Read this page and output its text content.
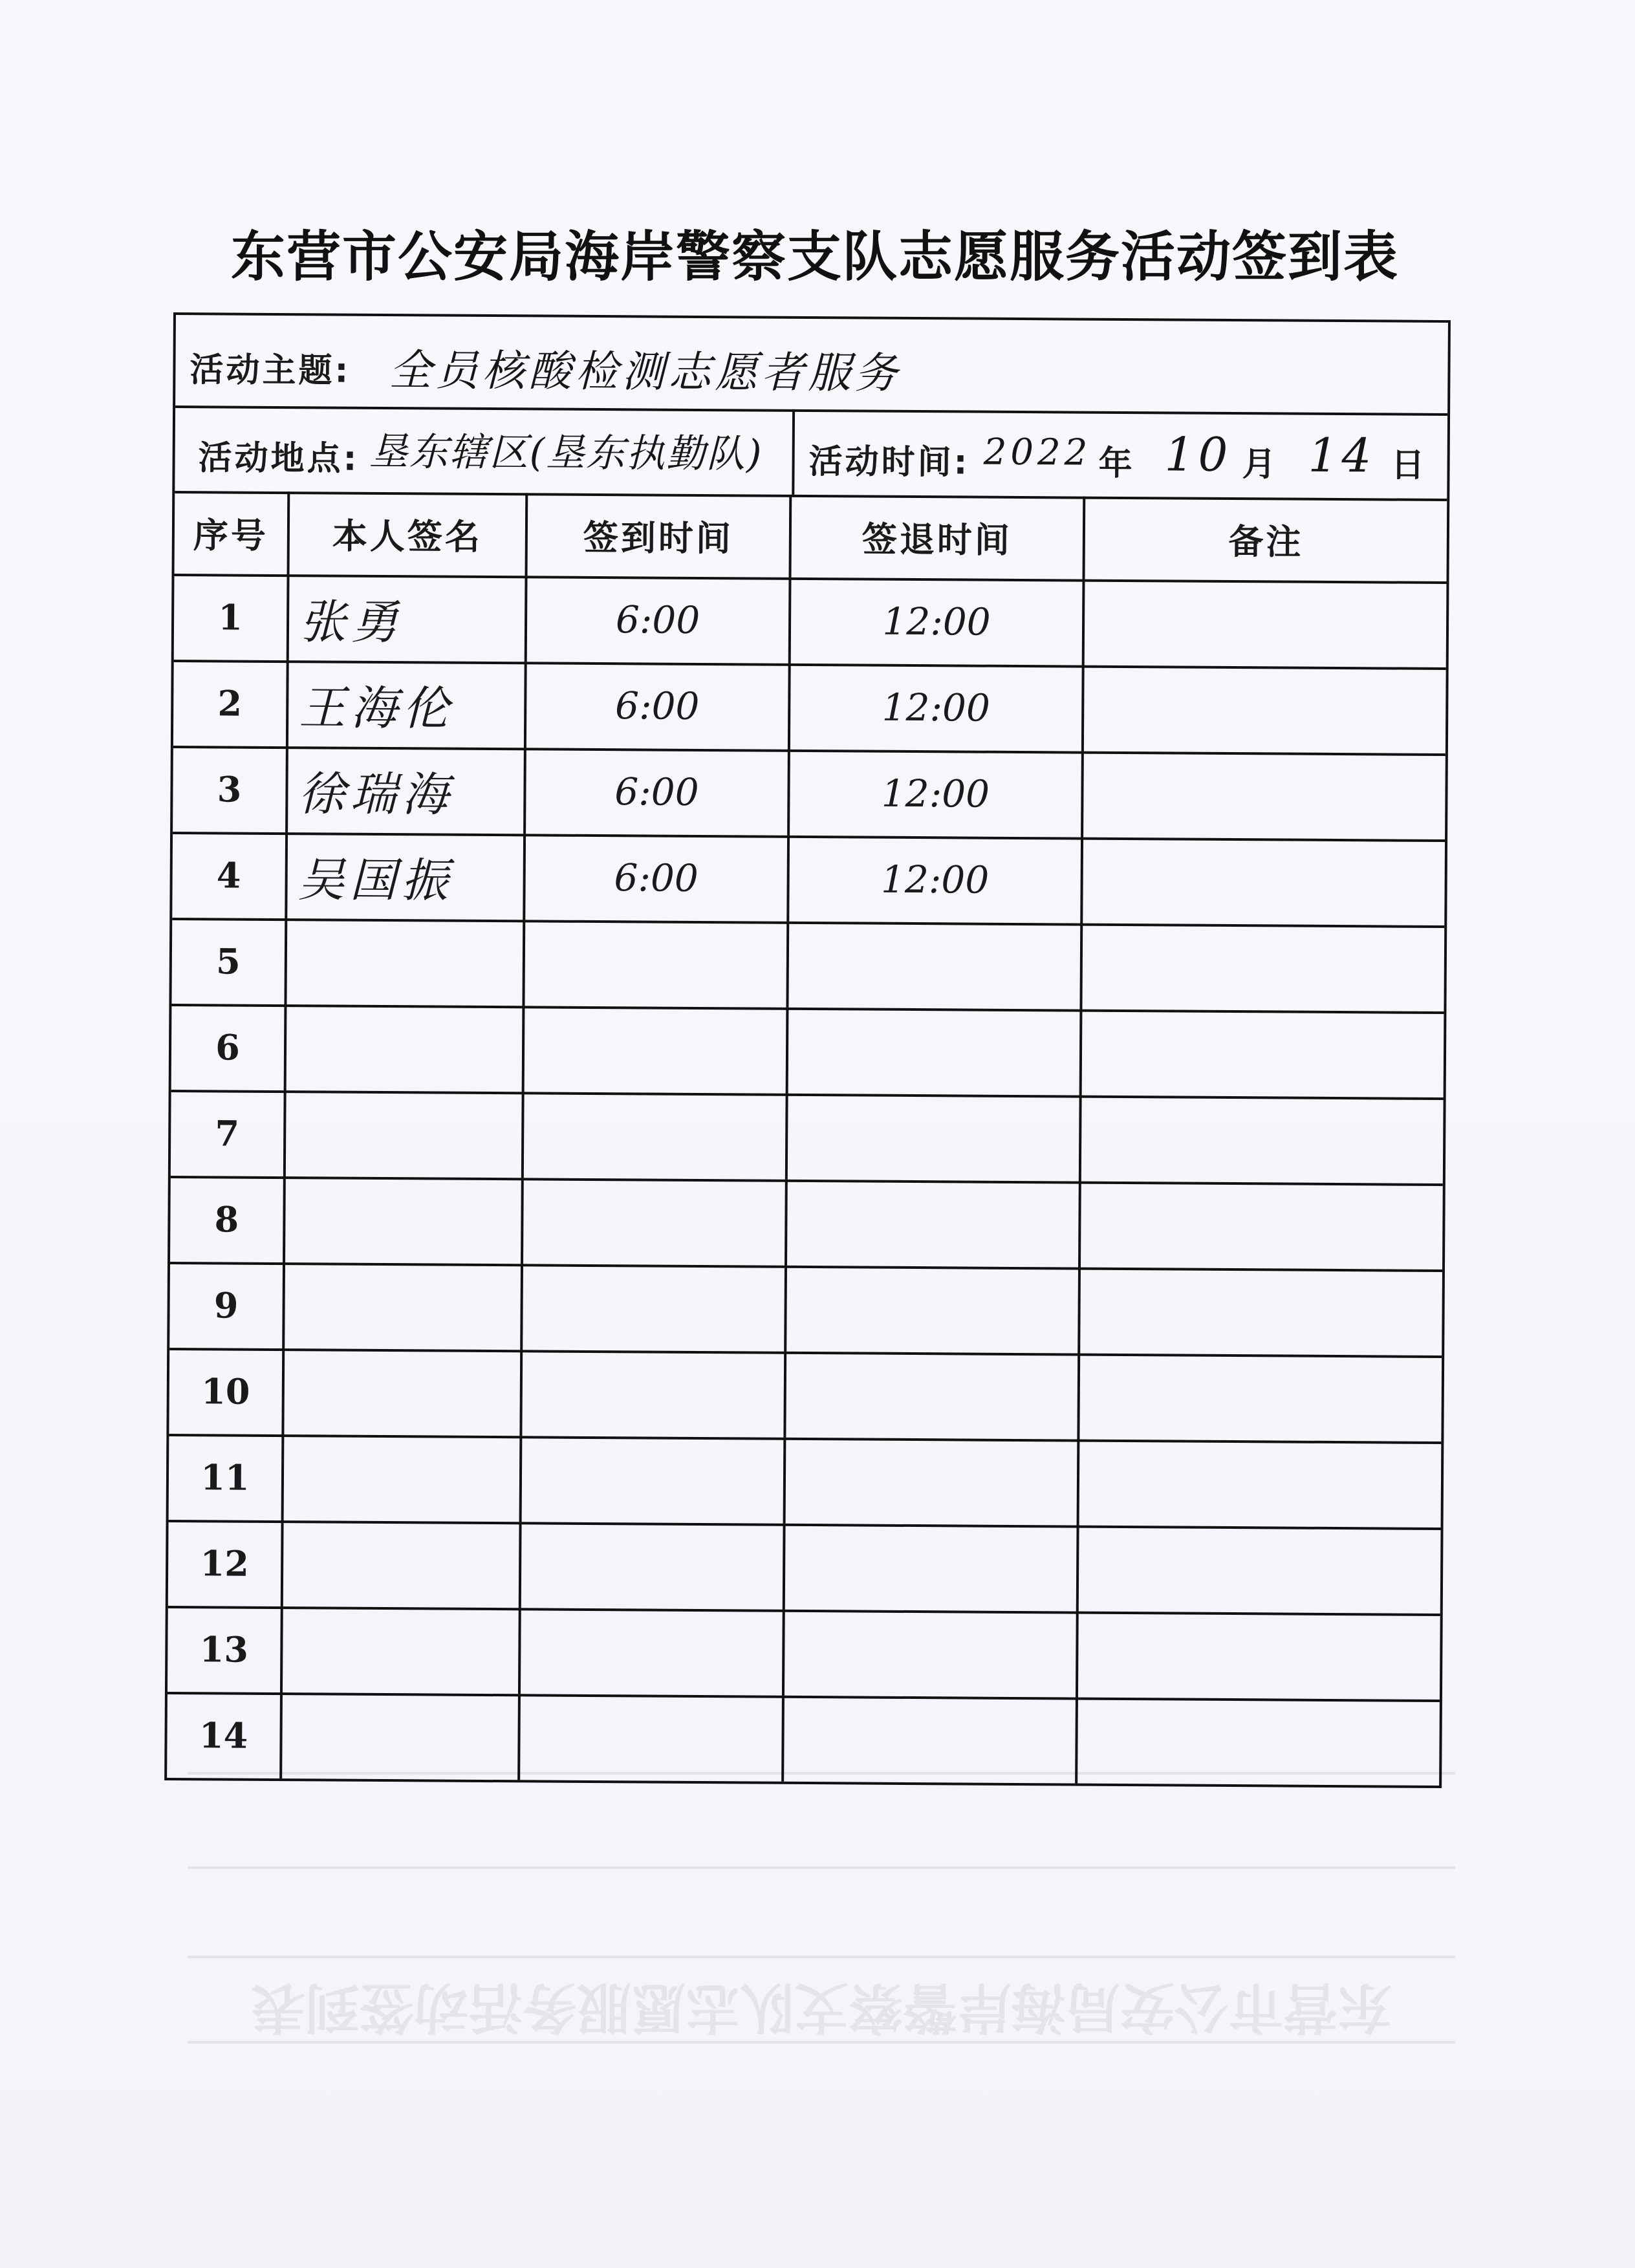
东营市公安局海岸警察支队志愿服务活动签到表
东营市公安局海岸警察支队志愿服务活动签到表
活动主题: 全员核酸检测志愿者服务
活动地点: 垦东辖区(垦东执勤队) 活动时间: 2022 年 10 月 14 日
序号	本人签名	签到时间	签退时间	备注
1	张勇	6:00	12:00
2	王海伦	6:00	12:00
3	徐瑞海	6:00	12:00
4	吴国振	6:00	12:00
5
6
7
8
9
10
11
12
13
14
